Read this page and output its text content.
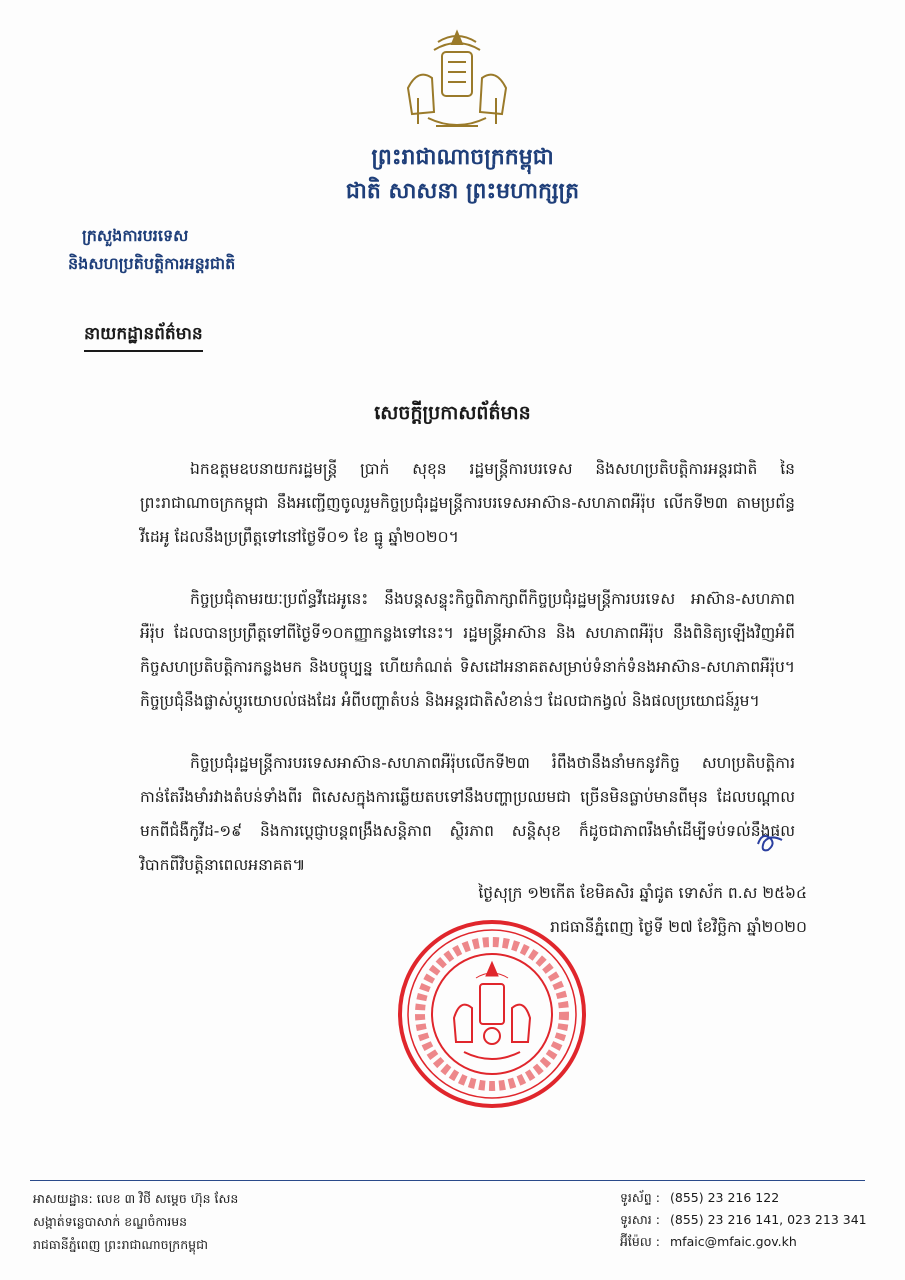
ព្រះរាជាណាចក្រកម្ពុជា
ជាតិ សាសនា ព្រះមហាក្សត្រ
ក្រសួងការបរទេស
និងសហប្រតិបត្តិការអន្តរជាតិ
នាយកដ្ឋានព័ត៌មាន
សេចក្តីប្រកាសព័ត៌មាន
ឯកឧត្តមឧបនាយករដ្ឋមន្ត្រី ប្រាក់ សុខុន រដ្ឋមន្ត្រីការបរទេស និងសហប្រតិបត្តិការអន្តរជាតិ នៃព្រះរាជាណាចក្រកម្ពុជា នឹងអញ្ជើញចូលរួមកិច្ចប្រជុំរដ្ឋមន្ត្រីការបរទេសអាស៊ាន-សហភាពអឺរ៉ុប លើកទី២៣ តាមប្រព័ន្ធវីដេអូ ដែលនឹងប្រព្រឹត្តទៅនៅថ្ងៃទី០១ ខែ ធ្នូ ឆ្នាំ២០២០។
កិច្ចប្រជុំតាមរយៈប្រព័ន្ធវីដេអូនេះ នឹងបន្តសន្ទុះកិច្ចពិភាក្សាពីកិច្ចប្រជុំរដ្ឋមន្ត្រីការបរទេស អាស៊ាន-សហភាពអឺរ៉ុប ដែលបានប្រព្រឹត្តទៅពីថ្ងៃទី១០កញ្ញាកន្លងទៅនេះ។ រដ្ឋមន្ត្រីអាស៊ាន និង សហភាពអឺរ៉ុប នឹងពិនិត្យឡើងវិញអំពីកិច្ចសហប្រតិបត្តិការកន្លងមក និងបច្ចុប្បន្ន ហើយកំណត់ ទិសដៅអនាគតសម្រាប់ទំនាក់ទំនងអាស៊ាន-សហភាពអឺរ៉ុប។ កិច្ចប្រជុំនឹងផ្លាស់ប្តូរយោបល់ផងដែរ អំពីបញ្ហាតំបន់ និងអន្តរជាតិសំខាន់ៗ ដែលជាកង្វល់ និងផលប្រយោជន៍រួម។
កិច្ចប្រជុំរដ្ឋមន្ត្រីការបរទេសអាស៊ាន-សហភាពអឺរ៉ុបលើកទី២៣ រំពឹងថានឹងនាំមកនូវកិច្ច សហប្រតិបត្តិការកាន់តែរឹងមាំរវាងតំបន់ទាំងពីរ ពិសេសក្នុងការឆ្លើយតបទៅនឹងបញ្ហាប្រឈមជា ច្រើនមិនធ្លាប់មានពីមុន ដែលបណ្តាលមកពីជំងឺកូវីដ-១៩ និងការប្តេជ្ញាបន្តពង្រឹងសន្តិភាព ស្ថិរភាព សន្តិសុខ ក៏ដូចជាភាពរឹងមាំដើម្បីទប់ទល់នឹងផលវិបាកពីវិបត្តិនាពេលអនាគត៕
ថ្ងៃសុក្រ ១២កើត ខែមិគសិរ ឆ្នាំជូត ទោស័ក ព.ស ២៥៦៤
រាជធានីភ្នំពេញ ថ្ងៃទី ២៧ ខែវិច្ឆិកា ឆ្នាំ២០២០
អាសយដ្ឋាន: លេខ ៣ វិថី សម្តេច ហ៊ុន សែន
សង្កាត់ទន្លេបាសាក់ ខណ្ឌចំការមន
រាជធានីភ្នំពេញ ព្រះរាជាណាចក្រកម្ពុជា
ទូរស័ព្ទ : (855) 23 216 122
ទូរសារ : (855) 23 216 141, 023 213 341
អ៊ីម៉ែល : mfaic@mfaic.gov.kh
